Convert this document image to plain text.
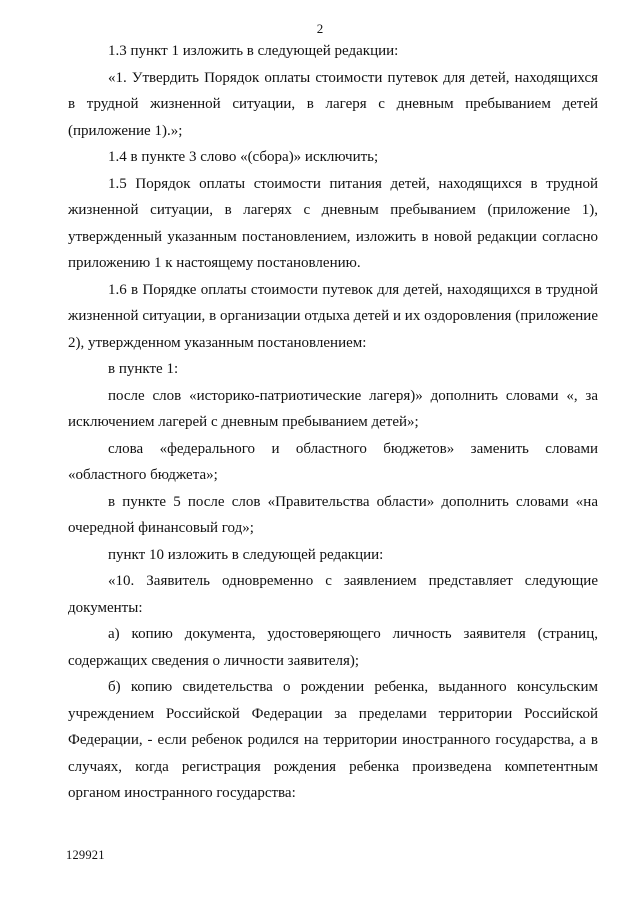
2

1.3 пункт 1 изложить в следующей редакции:

«1. Утвердить Порядок оплаты стоимости путевок для детей, находящихся в трудной жизненной ситуации, в лагеря с дневным пребыванием детей (приложение 1).»;

1.4 в пункте 3 слово «(сбора)» исключить;

1.5 Порядок оплаты стоимости питания детей, находящихся в трудной жизненной ситуации, в лагерях с дневным пребыванием (приложение 1), утвержденный указанным постановлением, изложить в новой редакции согласно приложению 1 к настоящему постановлению.

1.6 в Порядке оплаты стоимости путевок для детей, находящихся в трудной жизненной ситуации, в организации отдыха детей и их оздоровления (приложение 2), утвержденном указанным постановлением:

в пункте 1:

после слов «историко-патриотические лагеря)» дополнить словами «, за исключением лагерей с дневным пребыванием детей»;

слова «федерального и областного бюджетов» заменить словами «областного бюджета»;

в пункте 5 после слов «Правительства области» дополнить словами «на очередной финансовый год»;

пункт 10 изложить в следующей редакции:

«10. Заявитель одновременно с заявлением представляет следующие документы:

а) копию документа, удостоверяющего личность заявителя (страниц, содержащих сведения о личности заявителя);

б) копию свидетельства о рождении ребенка, выданного консульским учреждением Российской Федерации за пределами территории Российской Федерации, - если ребенок родился на территории иностранного государства, а в случаях, когда регистрация рождения ребенка произведена компетентным органом иностранного государства:

129921
